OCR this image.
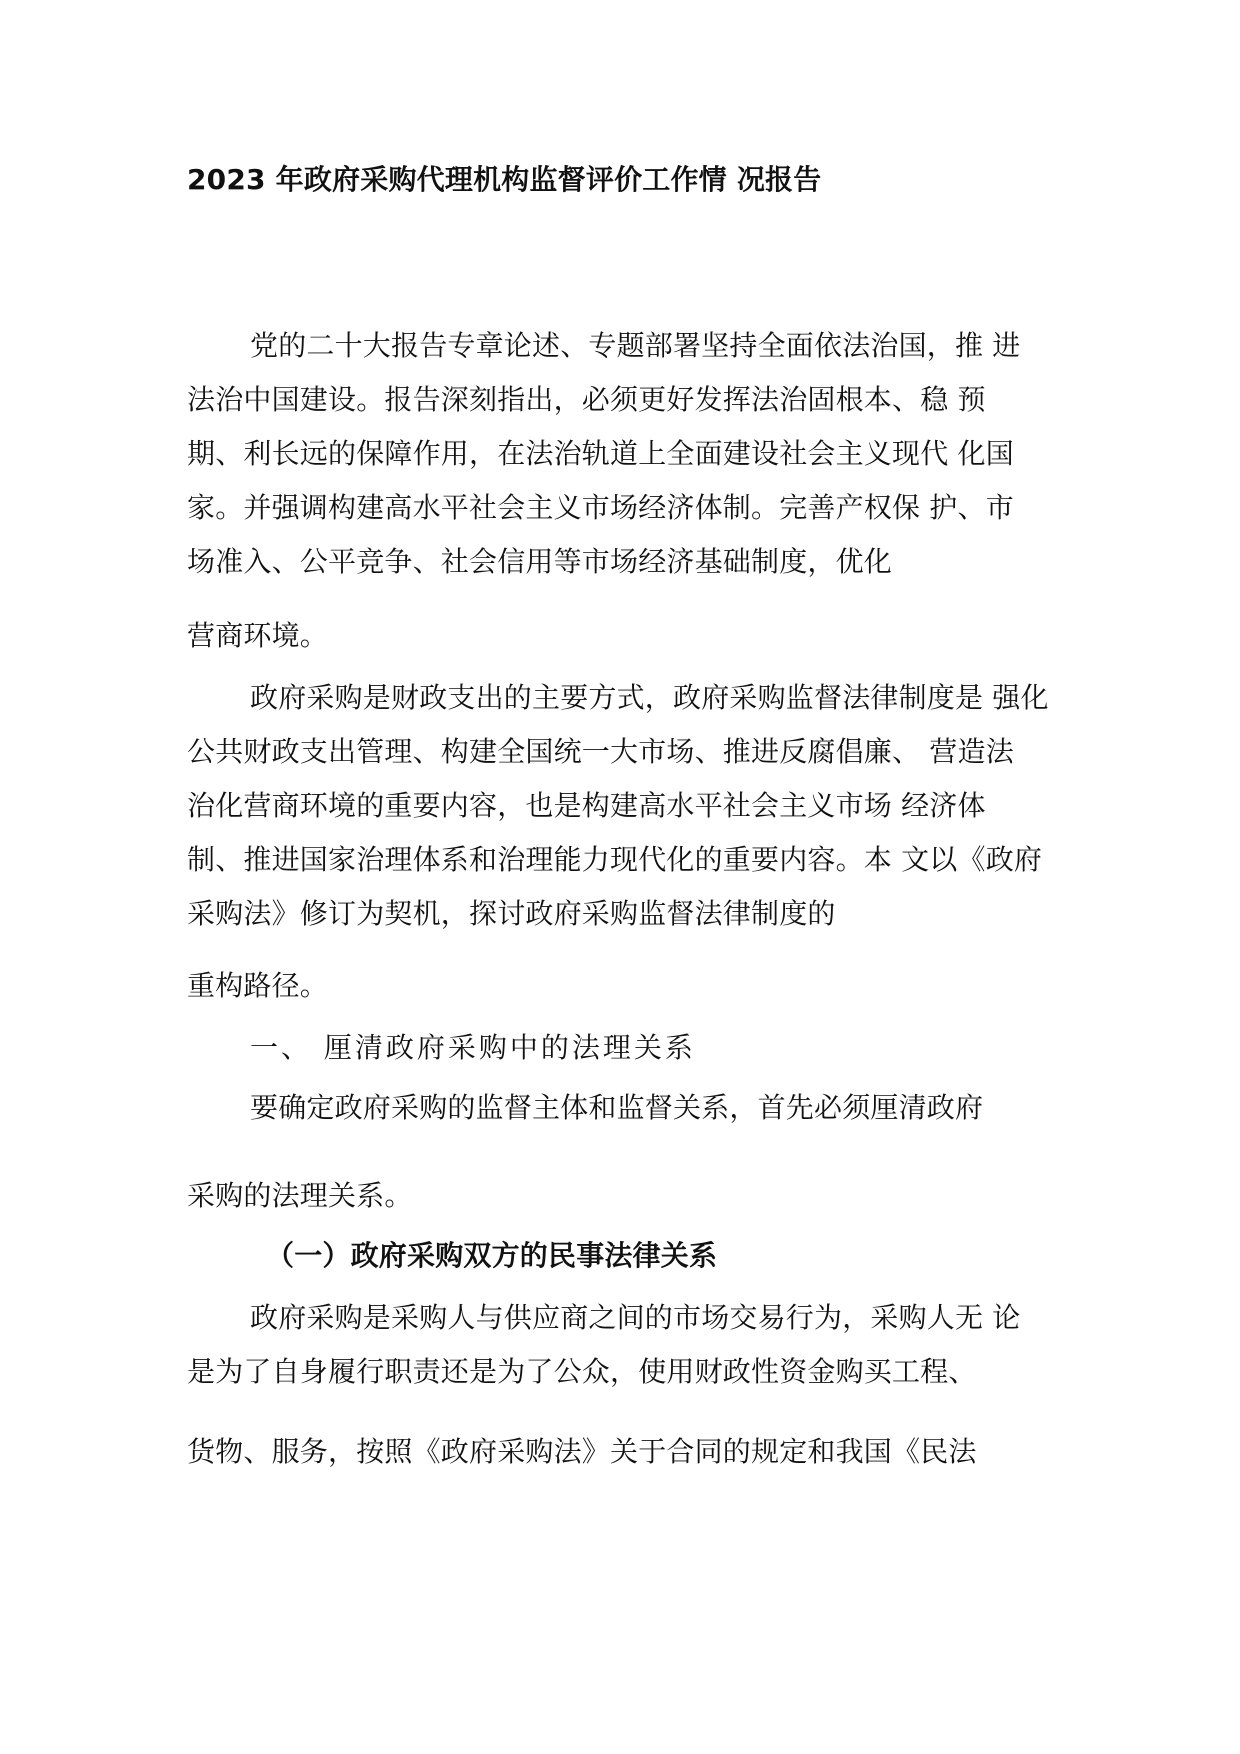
2023 年政府采购代理机构监督评价工作情 况报告
党的二十大报告专章论述、专题部署坚持全面依法治国，推 进
法治中国建设。报告深刻指出，必须更好发挥法治固根本、稳 预
期、利长远的保障作用，在法治轨道上全面建设社会主义现代 化国
家。并强调构建高水平社会主义市场经济体制。完善产权保 护、市
场准入、公平竞争、社会信用等市场经济基础制度，优化
营商环境。
政府采购是财政支出的主要方式，政府采购监督法律制度是 强化
公共财政支出管理、构建全国统一大市场、推进反腐倡廉、 营造法
治化营商环境的重要内容，也是构建高水平社会主义市场 经济体
制、推进国家治理体系和治理能力现代化的重要内容。本 文以《政府
采购法》修订为契机，探讨政府采购监督法律制度的
重构路径。
一、 厘清政府采购中的法理关系
要确定政府采购的监督主体和监督关系，首先必须厘清政府
采购的法理关系。
（一）政府采购双方的民事法律关系
政府采购是采购人与供应商之间的市场交易行为，采购人无 论
是为了自身履行职责还是为了公众，使用财政性资金购买工程、
货物、服务，按照《政府采购法》关于合同的规定和我国《民法
